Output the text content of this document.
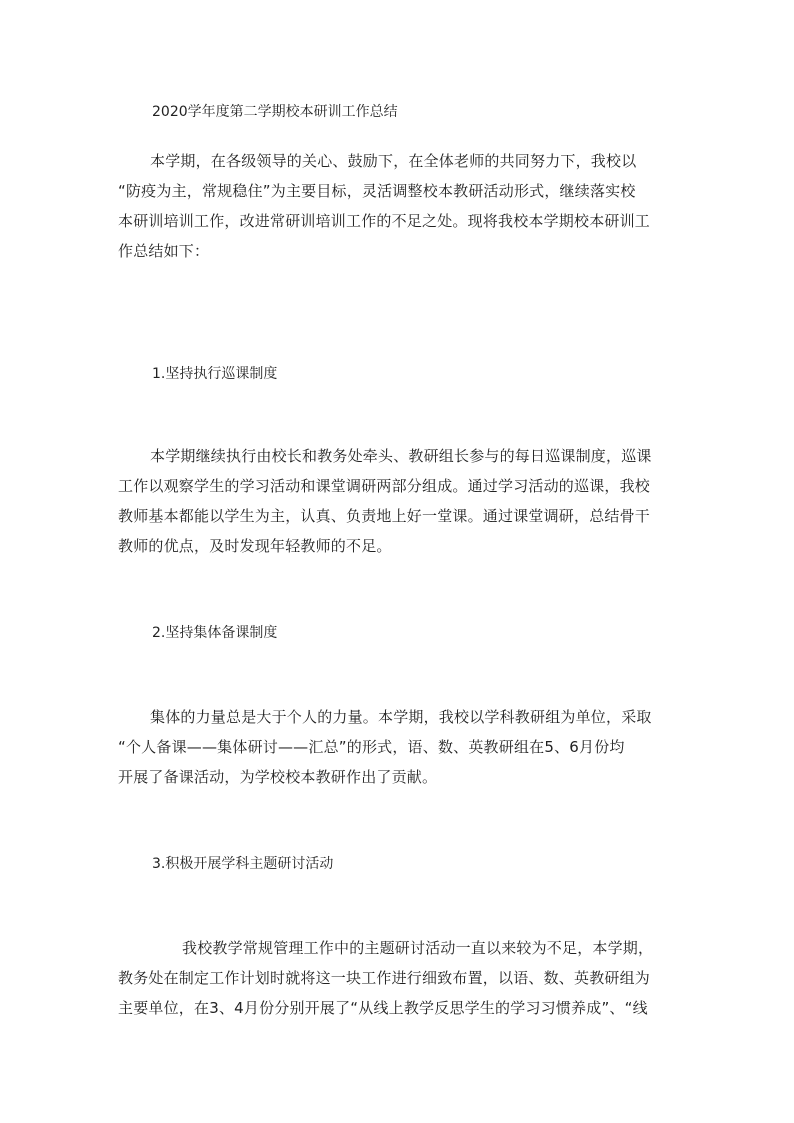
2020学年度第二学期校本研训工作总结
本学期，在各级领导的关心、鼓励下，在全体老师的共同努力下，我校以
“防疫为主，常规稳住”为主要目标，灵活调整校本教研活动形式，继续落实校
本研训培训工作，改进常研训培训工作的不足之处。现将我校本学期校本研训工
作总结如下：
1.坚持执行巡课制度
本学期继续执行由校长和教务处牵头、教研组长参与的每日巡课制度，巡课
工作以观察学生的学习活动和课堂调研两部分组成。通过学习活动的巡课，我校
教师基本都能以学生为主，认真、负责地上好一堂课。通过课堂调研，总结骨干
教师的优点，及时发现年轻教师的不足。
2.坚持集体备课制度
集体的力量总是大于个人的力量。本学期，我校以学科教研组为单位，采取
“个人备课——集体研讨——汇总”的形式，语、数、英教研组在5、6月份均
开展了备课活动，为学校校本教研作出了贡献。
3.积极开展学科主题研讨活动
我校教学常规管理工作中的主题研讨活动一直以来较为不足，本学期，
教务处在制定工作计划时就将这一块工作进行细致布置，以语、数、英教研组为
主要单位，在3、4月份分别开展了“从线上教学反思学生的学习习惯养成”、“线
